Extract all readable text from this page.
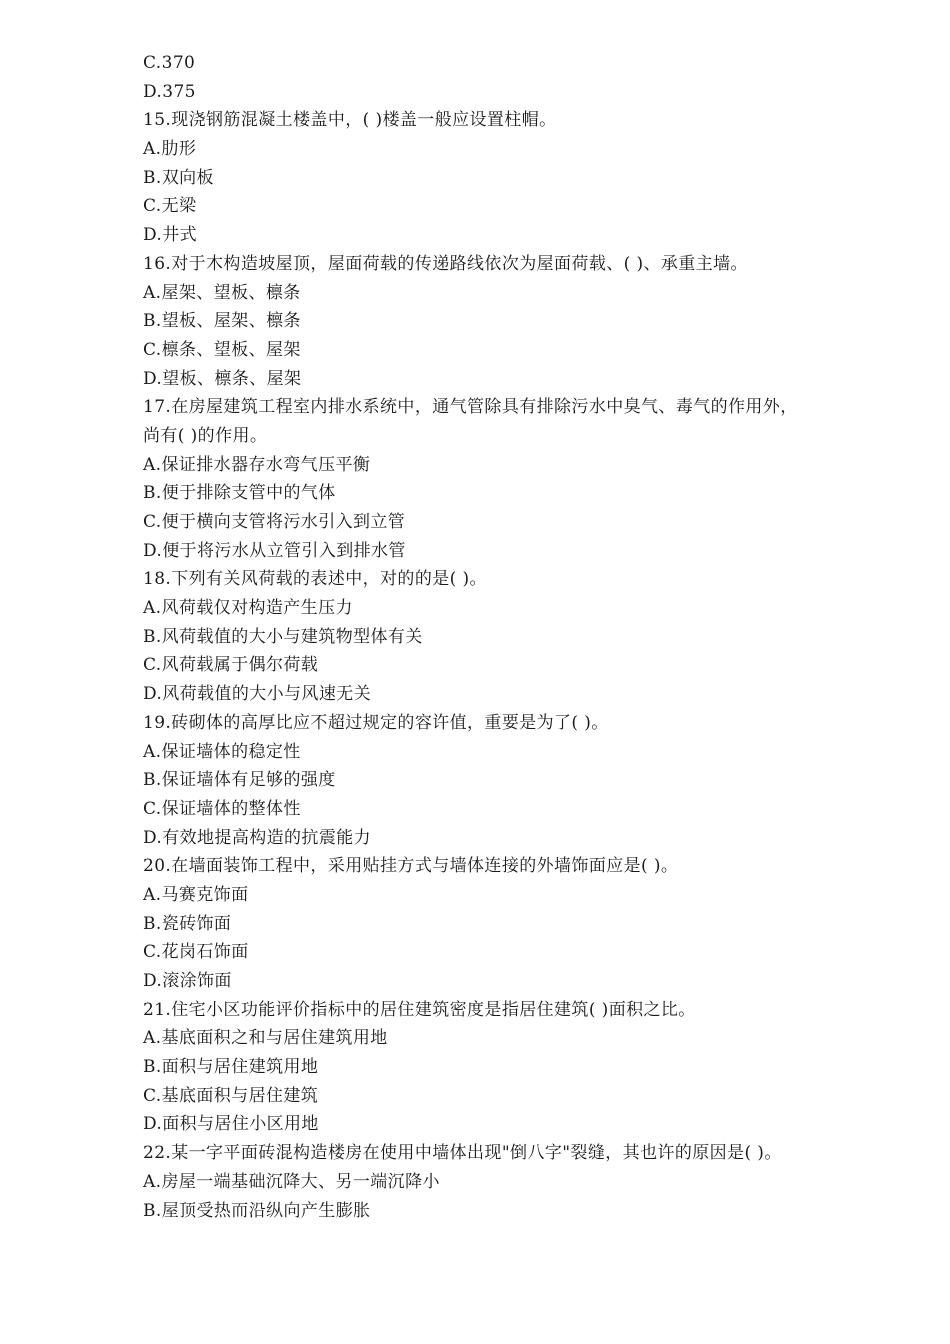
C.370
D.375
15.现浇钢筋混凝土楼盖中，( )楼盖一般应设置柱帽。
A.肋形
B.双向板
C.无梁
D.井式
16.对于木构造坡屋顶，屋面荷载的传递路线依次为屋面荷载、( )、承重主墙。
A.屋架、望板、檩条
B.望板、屋架、檩条
C.檩条、望板、屋架
D.望板、檩条、屋架
17.在房屋建筑工程室内排水系统中，通气管除具有排除污水中臭气、毒气的作用外，
尚有( )的作用。
A.保证排水器存水弯气压平衡
B.便于排除支管中的气体
C.便于横向支管将污水引入到立管
D.便于将污水从立管引入到排水管
18.下列有关风荷载的表述中，对的的是( )。
A.风荷载仅对构造产生压力
B.风荷载值的大小与建筑物型体有关
C.风荷载属于偶尔荷载
D.风荷载值的大小与风速无关
19.砖砌体的高厚比应不超过规定的容许值，重要是为了( )。
A.保证墙体的稳定性
B.保证墙体有足够的强度
C.保证墙体的整体性
D.有效地提高构造的抗震能力
20.在墙面装饰工程中，采用贴挂方式与墙体连接的外墙饰面应是( )。
A.马赛克饰面
B.瓷砖饰面
C.花岗石饰面
D.滚涂饰面
21.住宅小区功能评价指标中的居住建筑密度是指居住建筑( )面积之比。
A.基底面积之和与居住建筑用地
B.面积与居住建筑用地
C.基底面积与居住建筑
D.面积与居住小区用地
22.某一字平面砖混构造楼房在使用中墙体出现"倒八字"裂缝，其也许的原因是( )。
A.房屋一端基础沉降大、另一端沉降小
B.屋顶受热而沿纵向产生膨胀
